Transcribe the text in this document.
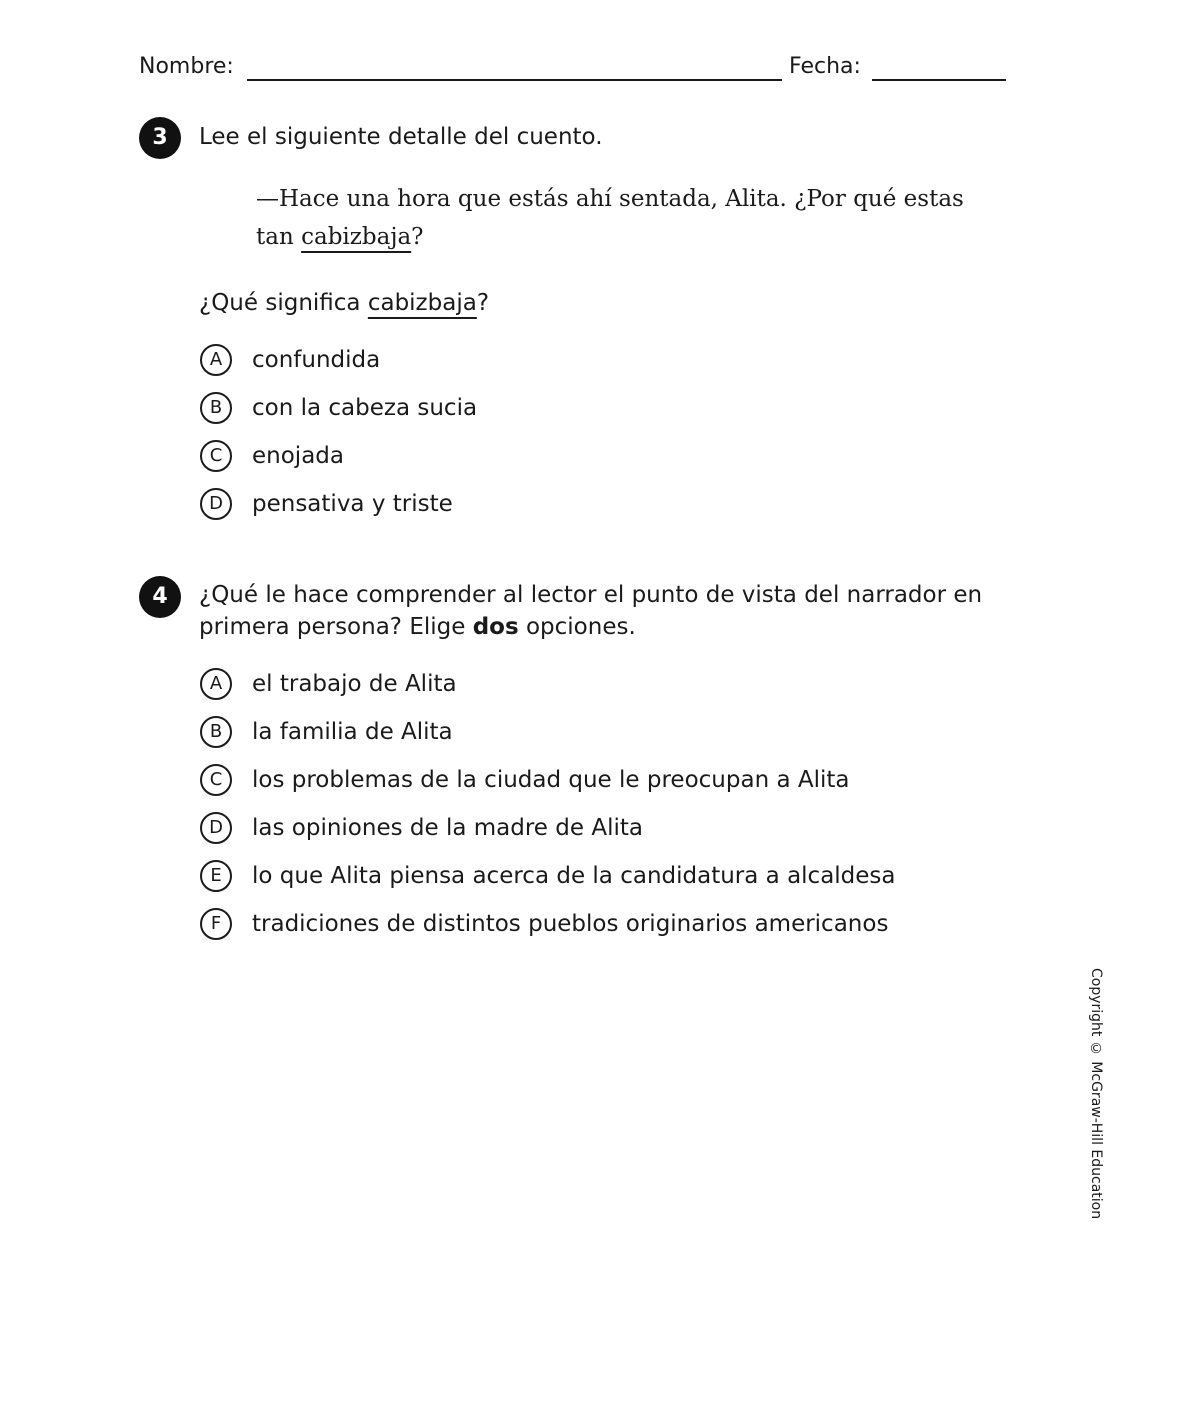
Nombre:	Fecha:
3	Lee el siguiente detalle del cuento.
—Hace una hora que estás ahí sentada, Alita. ¿Por qué estas
tan cabizbaja?
¿Qué significa cabizbaja?
A	confundida
B	con la cabeza sucia
C	enojada
D	pensativa y triste
4	¿Qué le hace comprender al lector el punto de vista del narrador en
primera persona? Elige dos opciones.
A	el trabajo de Alita
B	la familia de Alita
C	los problemas de la ciudad que le preocupan a Alita
D	las opiniones de la madre de Alita
E	lo que Alita piensa acerca de la candidatura a alcaldesa
F	tradiciones de distintos pueblos originarios americanos
Copyright © McGraw-Hill Education
